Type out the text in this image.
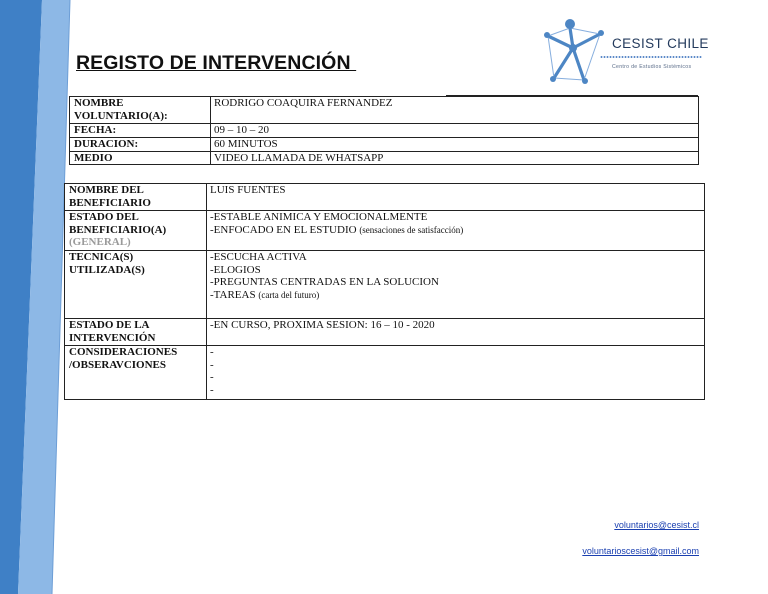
REGISTO DE INTERVENCIÓN
CESIST CHILE
Centro de Estudios Sistémicos
NOMBRE VOLUNTARIO(A):	RODRIGO COAQUIRA FERNANDEZ
FECHA:	09 – 10 – 20
DURACION:	60 MINUTOS
MEDIO	VIDEO LLAMADA DE WHATSAPP
NOMBRE DEL BENEFICIARIO	LUIS FUENTES

ESTADO DEL BENEFICIARIO(A)
(GENERAL)	-ESTABLE ANIMICA Y EMOCIONALMENTE
-ENFOCADO EN EL ESTUDIO (sensaciones de satisfacción)

TECNICA(S) UTILIZADA(S)	-ESCUCHA ACTIVA
-ELOGIOS
-PREGUNTAS CENTRADAS EN LA SOLUCION
-TAREAS (carta del futuro)

ESTADO DE LA INTERVENCIÓN	-EN CURSO, PROXIMA SESION: 16 – 10 - 2020
CONSIDERACIONES /OBSERAVCIONES	-
-
-
-
voluntarios@cesist.cl
voluntarioscesist@gmail.com
